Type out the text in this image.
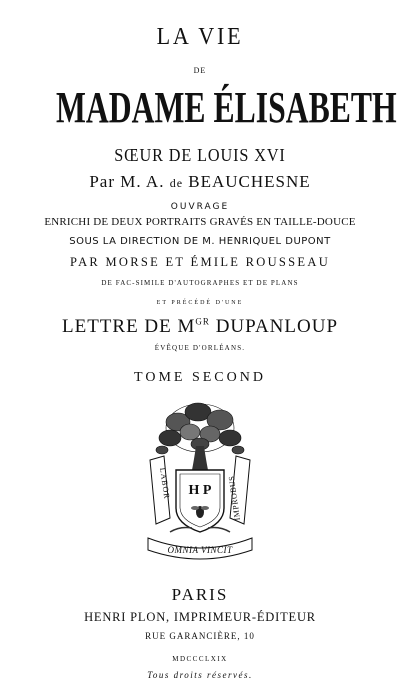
LA VIE
DE
MADAME ÉLISABETH
SŒUR DE LOUIS XVI
Par M. A. de BEAUCHESNE
OUVRAGE
ENRICHI DE DEUX PORTRAITS GRAVÉS EN TAILLE-DOUCE
SOUS LA DIRECTION DE M. HENRIQUEL DUPONT
PAR MORSE ET ÉMILE ROUSSEAU
DE FAC-SIMILE D'AUTOGRAPHES ET DE PLANS
ET PRÉCÉDÉ D'UNE
LETTRE DE $M^{GR}$ DUPANLOUP
ÉVÊQUE D'ORLÉANS.
TOME SECOND
H P
LABOR	IMPROBUS
OMNIA VINCIT
PARIS
HENRI PLON, IMPRIMEUR-ÉDITEUR
RUE GARANCIÈRE, 10
MDCCCLXIX
Tous droits réservés.
